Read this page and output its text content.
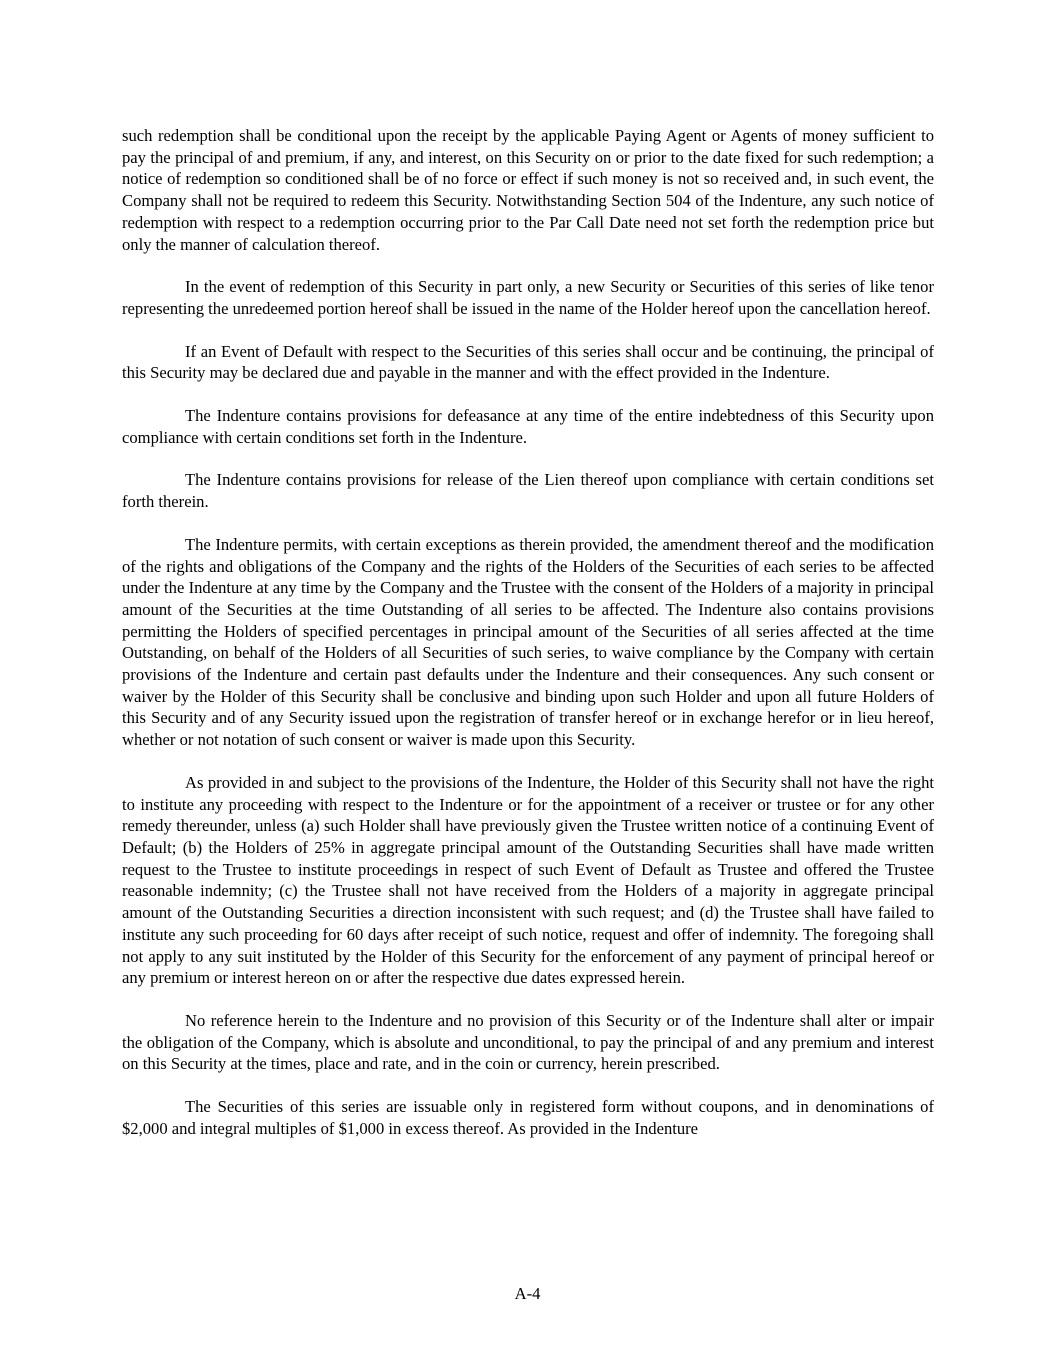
such redemption shall be conditional upon the receipt by the applicable Paying Agent or Agents of money sufficient to pay the principal of and premium, if any, and interest, on this Security on or prior to the date fixed for such redemption; a notice of redemption so conditioned shall be of no force or effect if such money is not so received and, in such event, the Company shall not be required to redeem this Security. Notwithstanding Section 504 of the Indenture, any such notice of redemption with respect to a redemption occurring prior to the Par Call Date need not set forth the redemption price but only the manner of calculation thereof.

In the event of redemption of this Security in part only, a new Security or Securities of this series of like tenor representing the unredeemed portion hereof shall be issued in the name of the Holder hereof upon the cancellation hereof.

If an Event of Default with respect to the Securities of this series shall occur and be continuing, the principal of this Security may be declared due and payable in the manner and with the effect provided in the Indenture.

The Indenture contains provisions for defeasance at any time of the entire indebtedness of this Security upon compliance with certain conditions set forth in the Indenture.

The Indenture contains provisions for release of the Lien thereof upon compliance with certain conditions set forth therein.

The Indenture permits, with certain exceptions as therein provided, the amendment thereof and the modification of the rights and obligations of the Company and the rights of the Holders of the Securities of each series to be affected under the Indenture at any time by the Company and the Trustee with the consent of the Holders of a majority in principal amount of the Securities at the time Outstanding of all series to be affected. The Indenture also contains provisions permitting the Holders of specified percentages in principal amount of the Securities of all series affected at the time Outstanding, on behalf of the Holders of all Securities of such series, to waive compliance by the Company with certain provisions of the Indenture and certain past defaults under the Indenture and their consequences. Any such consent or waiver by the Holder of this Security shall be conclusive and binding upon such Holder and upon all future Holders of this Security and of any Security issued upon the registration of transfer hereof or in exchange herefor or in lieu hereof, whether or not notation of such consent or waiver is made upon this Security.

As provided in and subject to the provisions of the Indenture, the Holder of this Security shall not have the right to institute any proceeding with respect to the Indenture or for the appointment of a receiver or trustee or for any other remedy thereunder, unless (a) such Holder shall have previously given the Trustee written notice of a continuing Event of Default; (b) the Holders of 25% in aggregate principal amount of the Outstanding Securities shall have made written request to the Trustee to institute proceedings in respect of such Event of Default as Trustee and offered the Trustee reasonable indemnity; (c) the Trustee shall not have received from the Holders of a majority in aggregate principal amount of the Outstanding Securities a direction inconsistent with such request; and (d) the Trustee shall have failed to institute any such proceeding for 60 days after receipt of such notice, request and offer of indemnity. The foregoing shall not apply to any suit instituted by the Holder of this Security for the enforcement of any payment of principal hereof or any premium or interest hereon on or after the respective due dates expressed herein.

No reference herein to the Indenture and no provision of this Security or of the Indenture shall alter or impair the obligation of the Company, which is absolute and unconditional, to pay the principal of and any premium and interest on this Security at the times, place and rate, and in the coin or currency, herein prescribed.

The Securities of this series are issuable only in registered form without coupons, and in denominations of $2,000 and integral multiples of $1,000 in excess thereof. As provided in the Indenture

A-4
